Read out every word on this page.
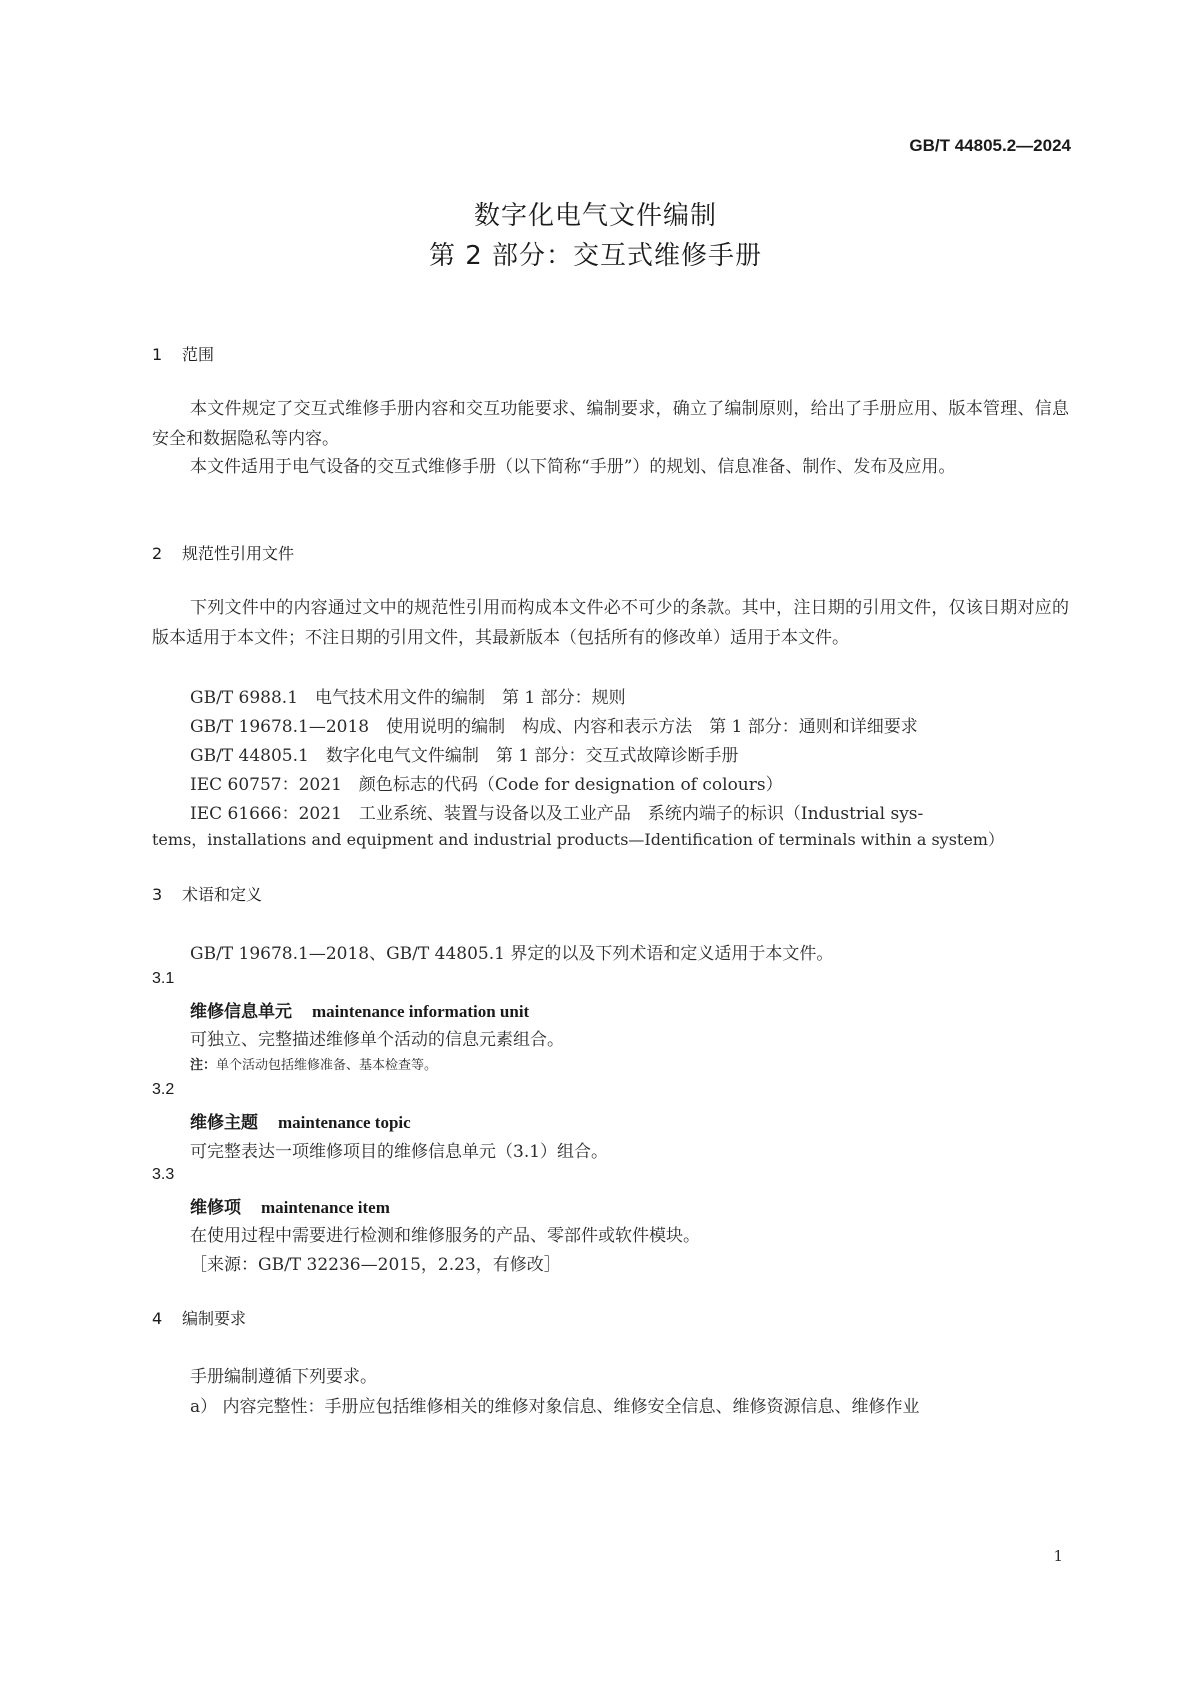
GB/T 44805.2—2024
数字化电气文件编制
第 2 部分：交互式维修手册
1 范围
本文件规定了交互式维修手册内容和交互功能要求、编制要求，确立了编制原则，给出了手册应用、版本管理、信息安全和数据隐私等内容。
本文件适用于电气设备的交互式维修手册（以下简称“手册”）的规划、信息准备、制作、发布及应用。
2 规范性引用文件
下列文件中的内容通过文中的规范性引用而构成本文件必不可少的条款。其中，注日期的引用文件，仅该日期对应的版本适用于本文件；不注日期的引用文件，其最新版本（包括所有的修改单）适用于本文件。
GB/T 6988.1　电气技术用文件的编制　第 1 部分：规则
GB/T 19678.1—2018　使用说明的编制　构成、内容和表示方法　第 1 部分：通则和详细要求
GB/T 44805.1　数字化电气文件编制　第 1 部分：交互式故障诊断手册
IEC 60757：2021　颜色标志的代码（Code for designation of colours）
IEC 61666：2021　工业系统、装置与设备以及工业产品　系统内端子的标识（Industrial sys-
tems，installations and equipment and industrial products—Identification of terminals within a system）
3 术语和定义
GB/T 19678.1—2018、GB/T 44805.1 界定的以及下列术语和定义适用于本文件。
3.1
维修信息单元 maintenance information unit
可独立、完整描述维修单个活动的信息元素组合。
注：单个活动包括维修准备、基本检查等。
3.2
维修主题 maintenance topic
可完整表达一项维修项目的维修信息单元（3.1）组合。
3.3
维修项 maintenance item
在使用过程中需要进行检测和维修服务的产品、零部件或软件模块。
［来源：GB/T 32236—2015，2.23，有修改］
4 编制要求
手册编制遵循下列要求。
a） 内容完整性：手册应包括维修相关的维修对象信息、维修安全信息、维修资源信息、维修作业
1
